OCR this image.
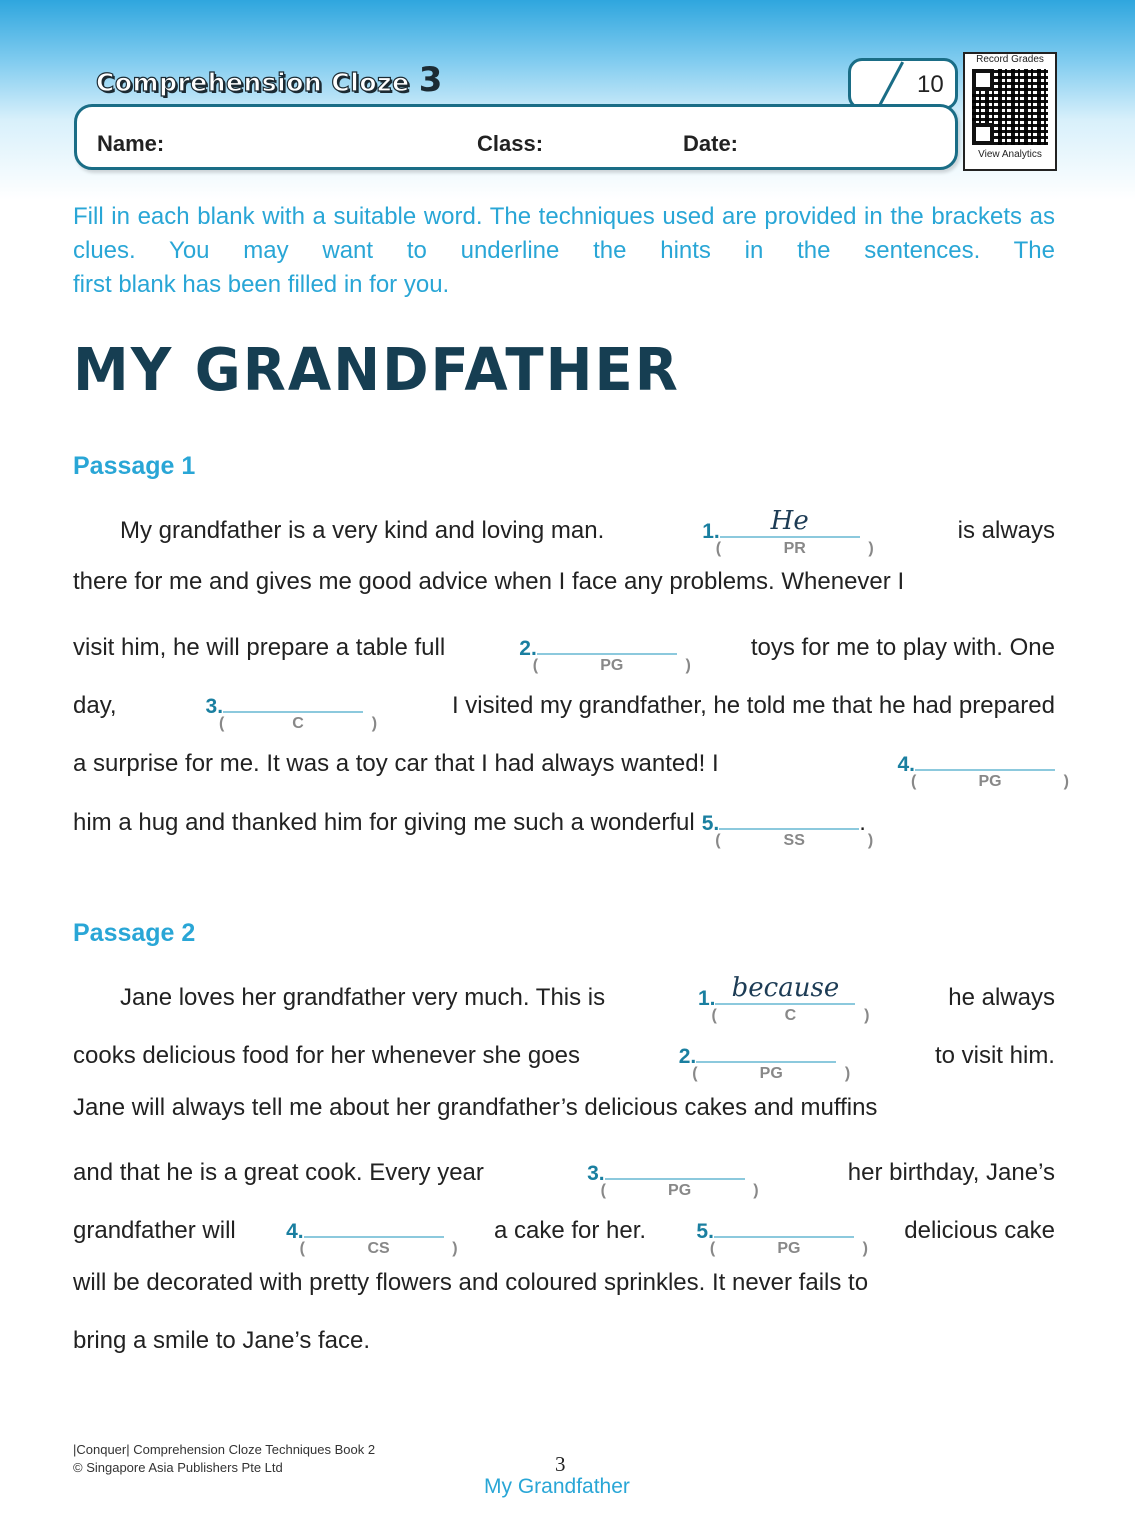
Comprehension Cloze 3	10
Name:	Class:	Date:
Record Grades
View Analytics
Fill in each blank with a suitable word. The techniques used are provided in the brackets as clues. You may want to underline the hints in the sentences. The
first blank has been filled in for you.
MY GRANDFATHER
Passage 1
My grandfather is a very kind and loving man.	1.	He
(	PR	)
is always
there for me and gives me good advice when I face any problems. Whenever I
visit him, he will prepare a table full	2.
(	PG	)
toys for me to play with. One
day,	3.
(	C	)
I visited my grandfather, he told me that he had prepared
a surprise for me. It was a toy car that I had always wanted! I	4.
(	PG	)
him a hug and thanked him for giving me such a wonderful 5.
(	SS	)
.
Passage 2
Jane loves her grandfather very much. This is	1. because
(	C	)
he always
cooks delicious food for her whenever she goes	2.
(	PG	)
to visit him.
Jane will always tell me about her grandfather’s delicious cakes and muffins
and that he is a great cook. Every year	3.
(	PG	)
her birthday, Jane’s
grandfather will 4.
(	CS	)
a cake for her. 5.
(	PG	)
delicious cake
will be decorated with pretty flowers and coloured sprinkles. It never fails to
bring a smile to Jane’s face.
|Conquer| Comprehension Cloze Techniques Book 2
© Singapore Asia Publishers Pte Ltd	3
My Grandfather
